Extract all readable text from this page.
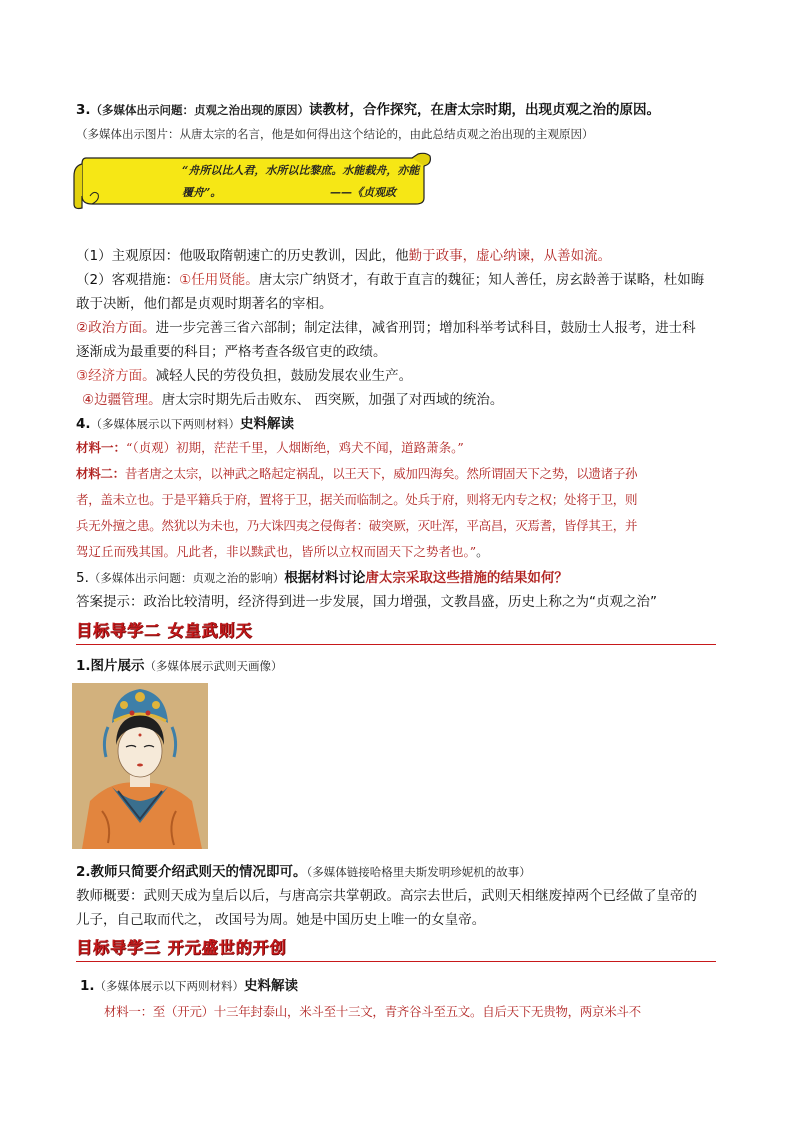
3.（多媒体出示问题：贞观之治出现的原因）读教材，合作探究，在唐太宗时期，出现贞观之治的原因。
（多媒体出示图片：从唐太宗的名言，他是如何得出这个结论的，由此总结贞观之治出现的主观原因）
“舟所以比人君，水所以比黎庶。水能载舟，亦能
覆舟”。	——《贞观政
（1）主观原因：他吸取隋朝速亡的历史教训，因此，他勤于政事，虚心纳谏，从善如流。
（2）客观措施：①任用贤能。唐太宗广纳贤才，有敢于直言的魏征；知人善任，房玄龄善于谋略，杜如晦
敢于决断，他们都是贞观时期著名的宰相。
②政治方面。进一步完善三省六部制；制定法律，减省刑罚；增加科举考试科目，鼓励士人报考，进士科
逐渐成为最重要的科目；严格考查各级官吏的政绩。
③经济方面。减轻人民的劳役负担，鼓励发展农业生产。
④边疆管理。唐太宗时期先后击败东、 西突厥，加强了对西域的统治。
4.（多媒体展示以下两则材料）史料解读
材料一：“（贞观）初期，茫茫千里，人烟断绝，鸡犬不闻，道路萧条。”
材料二：昔者唐之太宗，以神武之略起定祸乱，以王天下，威加四海矣。然所谓固天下之势，以遗诸子孙
者，盖未立也。于是平籍兵于府，置将于卫，据关而临制之。处兵于府，则将无内专之权；处将于卫，则
兵无外擅之患。然犹以为未也，乃大诛四夷之侵侮者：破突厥，灭吐浑，平高昌，灭焉耆，皆俘其王，并
驾辽丘而残其国。凡此者，非以黩武也，皆所以立权而固天下之势者也。”。
5.（多媒体出示问题：贞观之治的影响）根据材料讨论唐太宗采取这些措施的结果如何？
答案提示：政治比较清明，经济得到进一步发展，国力增强，文教昌盛，历史上称之为“贞观之治”
目标导学二 女皇武则天
1.图片展示（多媒体展示武则天画像）
2.教师只简要介绍武则天的情况即可。（多媒体链接哈格里夫斯发明珍妮机的故事）
教师概要：武则天成为皇后以后，与唐高宗共掌朝政。高宗去世后，武则天相继废掉两个已经做了皇帝的
儿子，自己取而代之， 改国号为周。她是中国历史上唯一的女皇帝。
目标导学三 开元盛世的开创
1.（多媒体展示以下两则材料）史料解读
材料一：至（开元）十三年封泰山，米斗至十三文，青齐谷斗至五文。自后天下无贵物，两京米斗不
